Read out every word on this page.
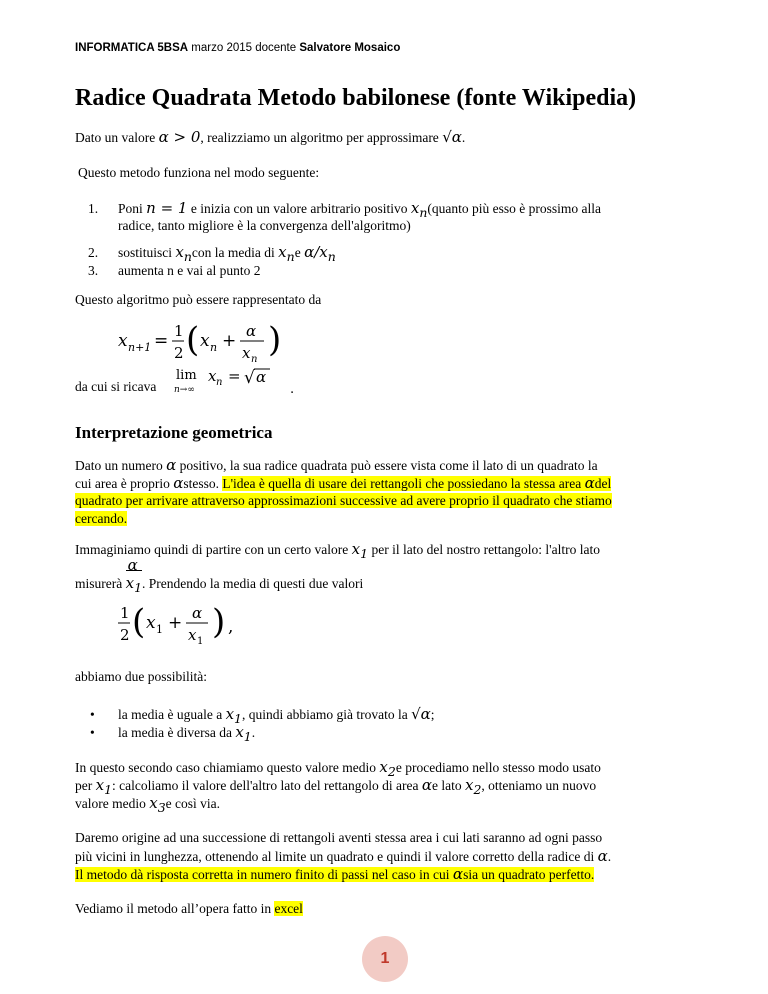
INFORMATICA 5BSA marzo 2015 docente Salvatore Mosaico
Radice Quadrata Metodo babilonese (fonte Wikipedia)
Dato un valore α > 0, realizziamo un algoritmo per approssimare √α.
Questo metodo funziona nel modo seguente:
1. Poni n = 1 e inizia con un valore arbitrario positivo $x_n(quanto$ più esso è prossimo alla
radice, tanto migliore è la convergenza dell'algoritmo)
2. sostituisci $x_ncon$ la media di $x_ne$ $\alpha/x_n$
3. aumenta n e vai al punto 2
Questo algoritmo può essere rappresentato da
x n+1 = 1
2 ( x n + α
x n )
da cui si ricava
lim
n→∞
x n = √ α
.
Interpretazione geometrica
Dato un numero α positivo, la sua radice quadrata può essere vista come il lato di un quadrato la
cui area è proprio αstesso. L'idea è quella di usare dei rettangoli che possiedano la stessa area αdel
quadrato per arrivare attraverso approssimazioni successive ad avere proprio il quadrato che stiamo
cercando.
Immaginiamo quindi di partire con un certo valore $x_1$ per il lato del nostro rettangolo: l'altro lato
misurerà
α
$x_1$. Prendendo la media di questi due valori
1
2 ( x 1 + α
x 1 ) ,
abbiamo due possibilità:
• la media è uguale a $x_1$, quindi abbiamo già trovato la √α;
• la media è diversa da $x_1$.
In questo secondo caso chiamiamo questo valore medio $x_2e$ procediamo nello stesso modo usato
per $x_1$: calcoliamo il valore dell'altro lato del rettangolo di area αe lato $x_2$, otteniamo un nuovo
valore medio $x_3e$ così via.
Daremo origine ad una successione di rettangoli aventi stessa area i cui lati saranno ad ogni passo
più vicini in lunghezza, ottenendo al limite un quadrato e quindi il valore corretto della radice di α.
Il metodo dà risposta corretta in numero finito di passi nel caso in cui αsia un quadrato perfetto.
Vediamo il metodo all’opera fatto in excel
1
